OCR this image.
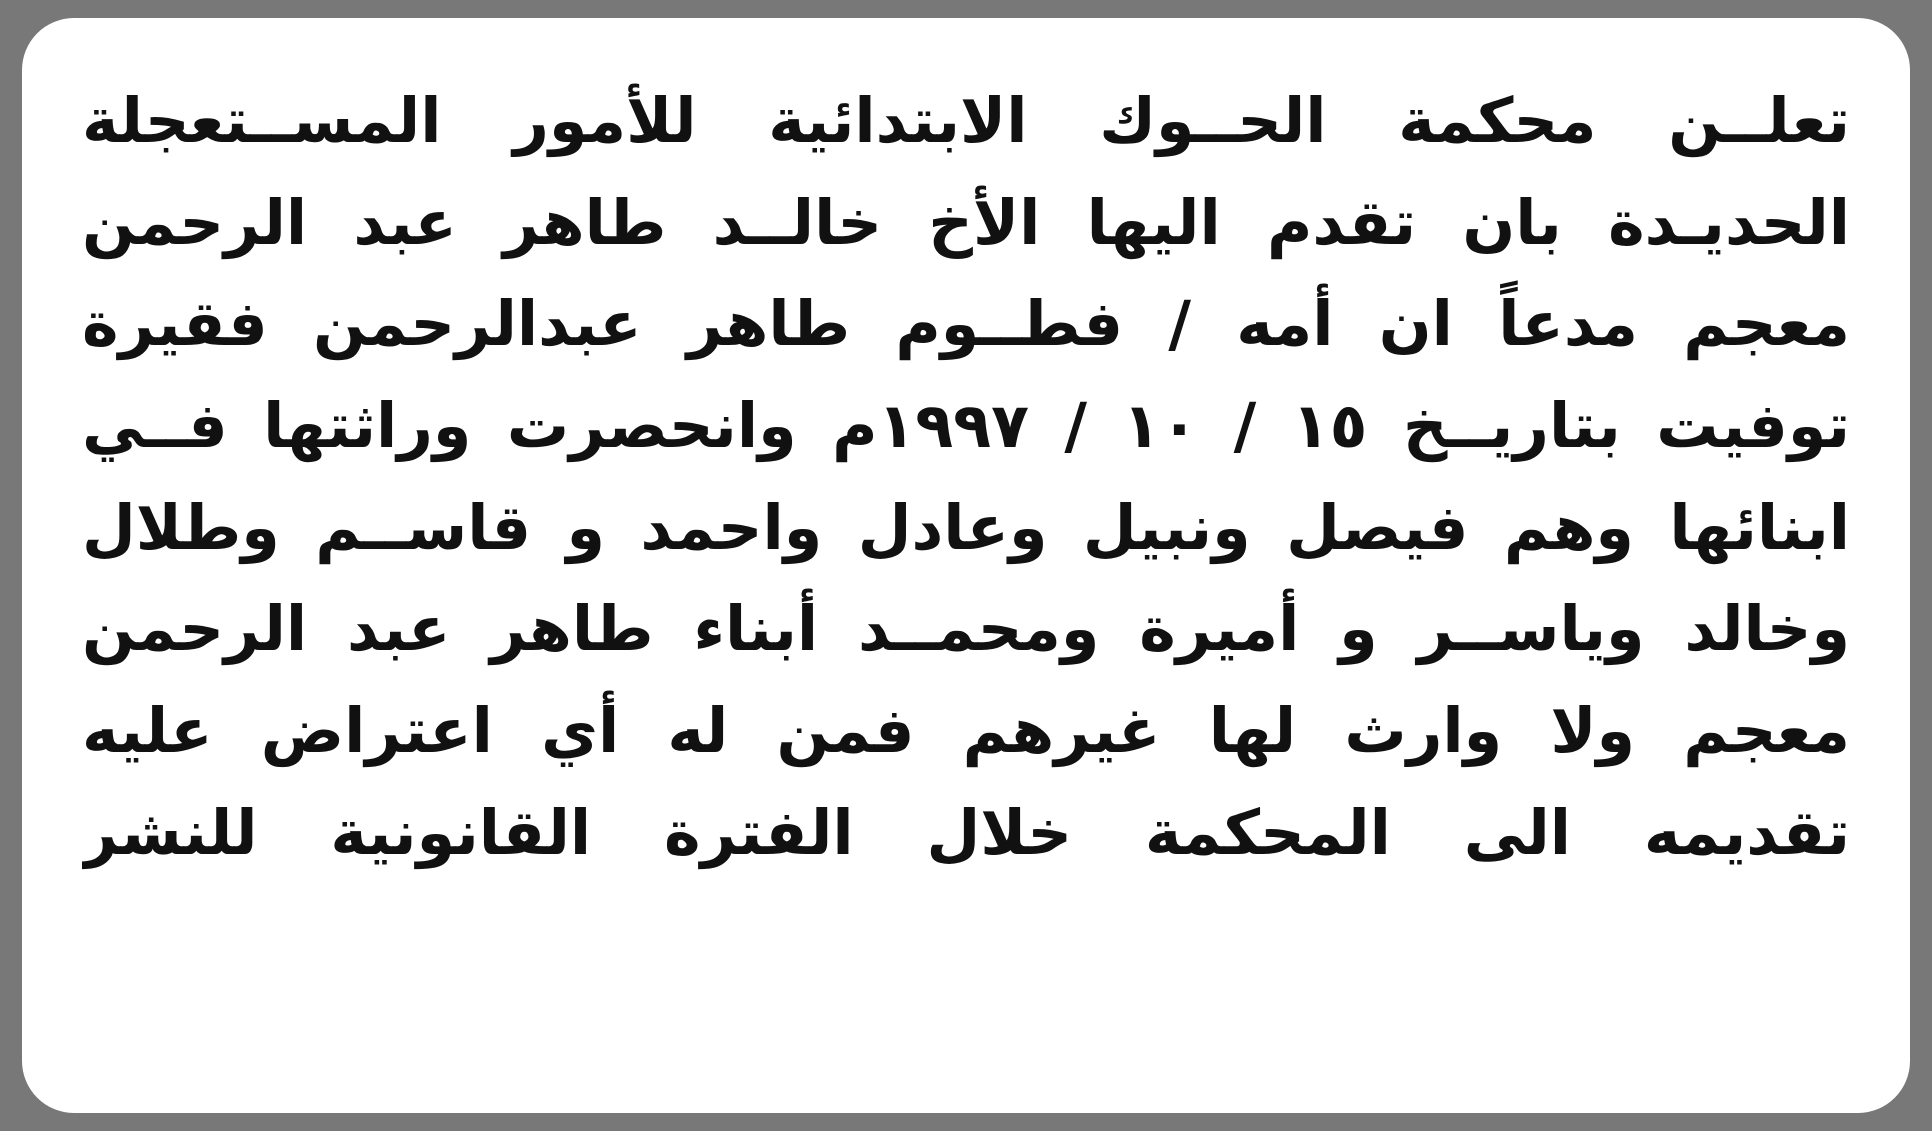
تعلــن محكمة الحــوك الابتدائية للأمور المســتعجلة الحديـدة بان تقدم اليها الأخ خالــد طاهر عبد الرحمن معجم مدعاً ان أمه / فطــوم طاهر عبدالرحمن فقيرة توفيت بتاريــخ ١٥ / ١٠ / ١٩٩٧م وانحصرت وراثتها فــي ابنائها وهم فيصل ونبيل وعادل واحمد و قاســم وطلال وخالد وياســر و أميرة ومحمــد أبناء طاهر عبد الرحمن معجم ولا وارث لها غيرهم فمن له أي اعتراض عليه تقديمه الى المحكمة خلال الفترة القانونية للنشر
